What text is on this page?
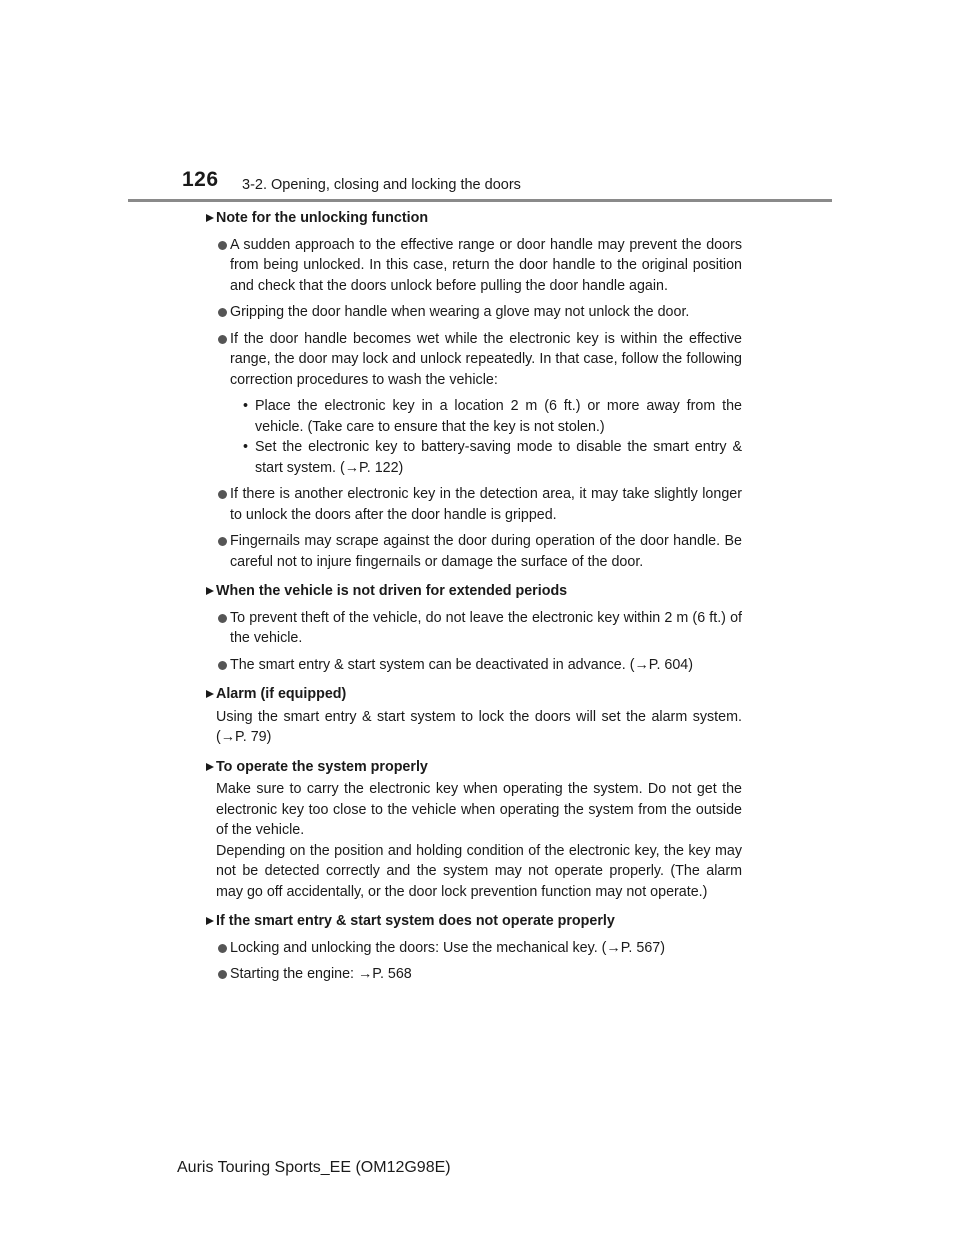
126 3-2. Opening, closing and locking the doors
Note for the unlocking function
A sudden approach to the effective range or door handle may prevent the doors from being unlocked. In this case, return the door handle to the original position and check that the doors unlock before pulling the door handle again.
Gripping the door handle when wearing a glove may not unlock the door.
If the door handle becomes wet while the electronic key is within the effective range, the door may lock and unlock repeatedly. In that case, follow the following correction procedures to wash the vehicle:
• Place the electronic key in a location 2 m (6 ft.) or more away from the vehicle. (Take care to ensure that the key is not stolen.)
• Set the electronic key to battery-saving mode to disable the smart entry & start system. (→P. 122)
If there is another electronic key in the detection area, it may take slightly longer to unlock the doors after the door handle is gripped.
Fingernails may scrape against the door during operation of the door handle. Be careful not to injure fingernails or damage the surface of the door.
When the vehicle is not driven for extended periods
To prevent theft of the vehicle, do not leave the electronic key within 2 m (6 ft.) of the vehicle.
The smart entry & start system can be deactivated in advance. (→P. 604)
Alarm (if equipped)
Using the smart entry & start system to lock the doors will set the alarm system. (→P. 79)
To operate the system properly
Make sure to carry the electronic key when operating the system. Do not get the electronic key too close to the vehicle when operating the system from the outside of the vehicle.
Depending on the position and holding condition of the electronic key, the key may not be detected correctly and the system may not operate properly. (The alarm may go off accidentally, or the door lock prevention function may not operate.)
If the smart entry & start system does not operate properly
Locking and unlocking the doors: Use the mechanical key. (→P. 567)
Starting the engine: →P. 568
Auris Touring Sports_EE (OM12G98E)
